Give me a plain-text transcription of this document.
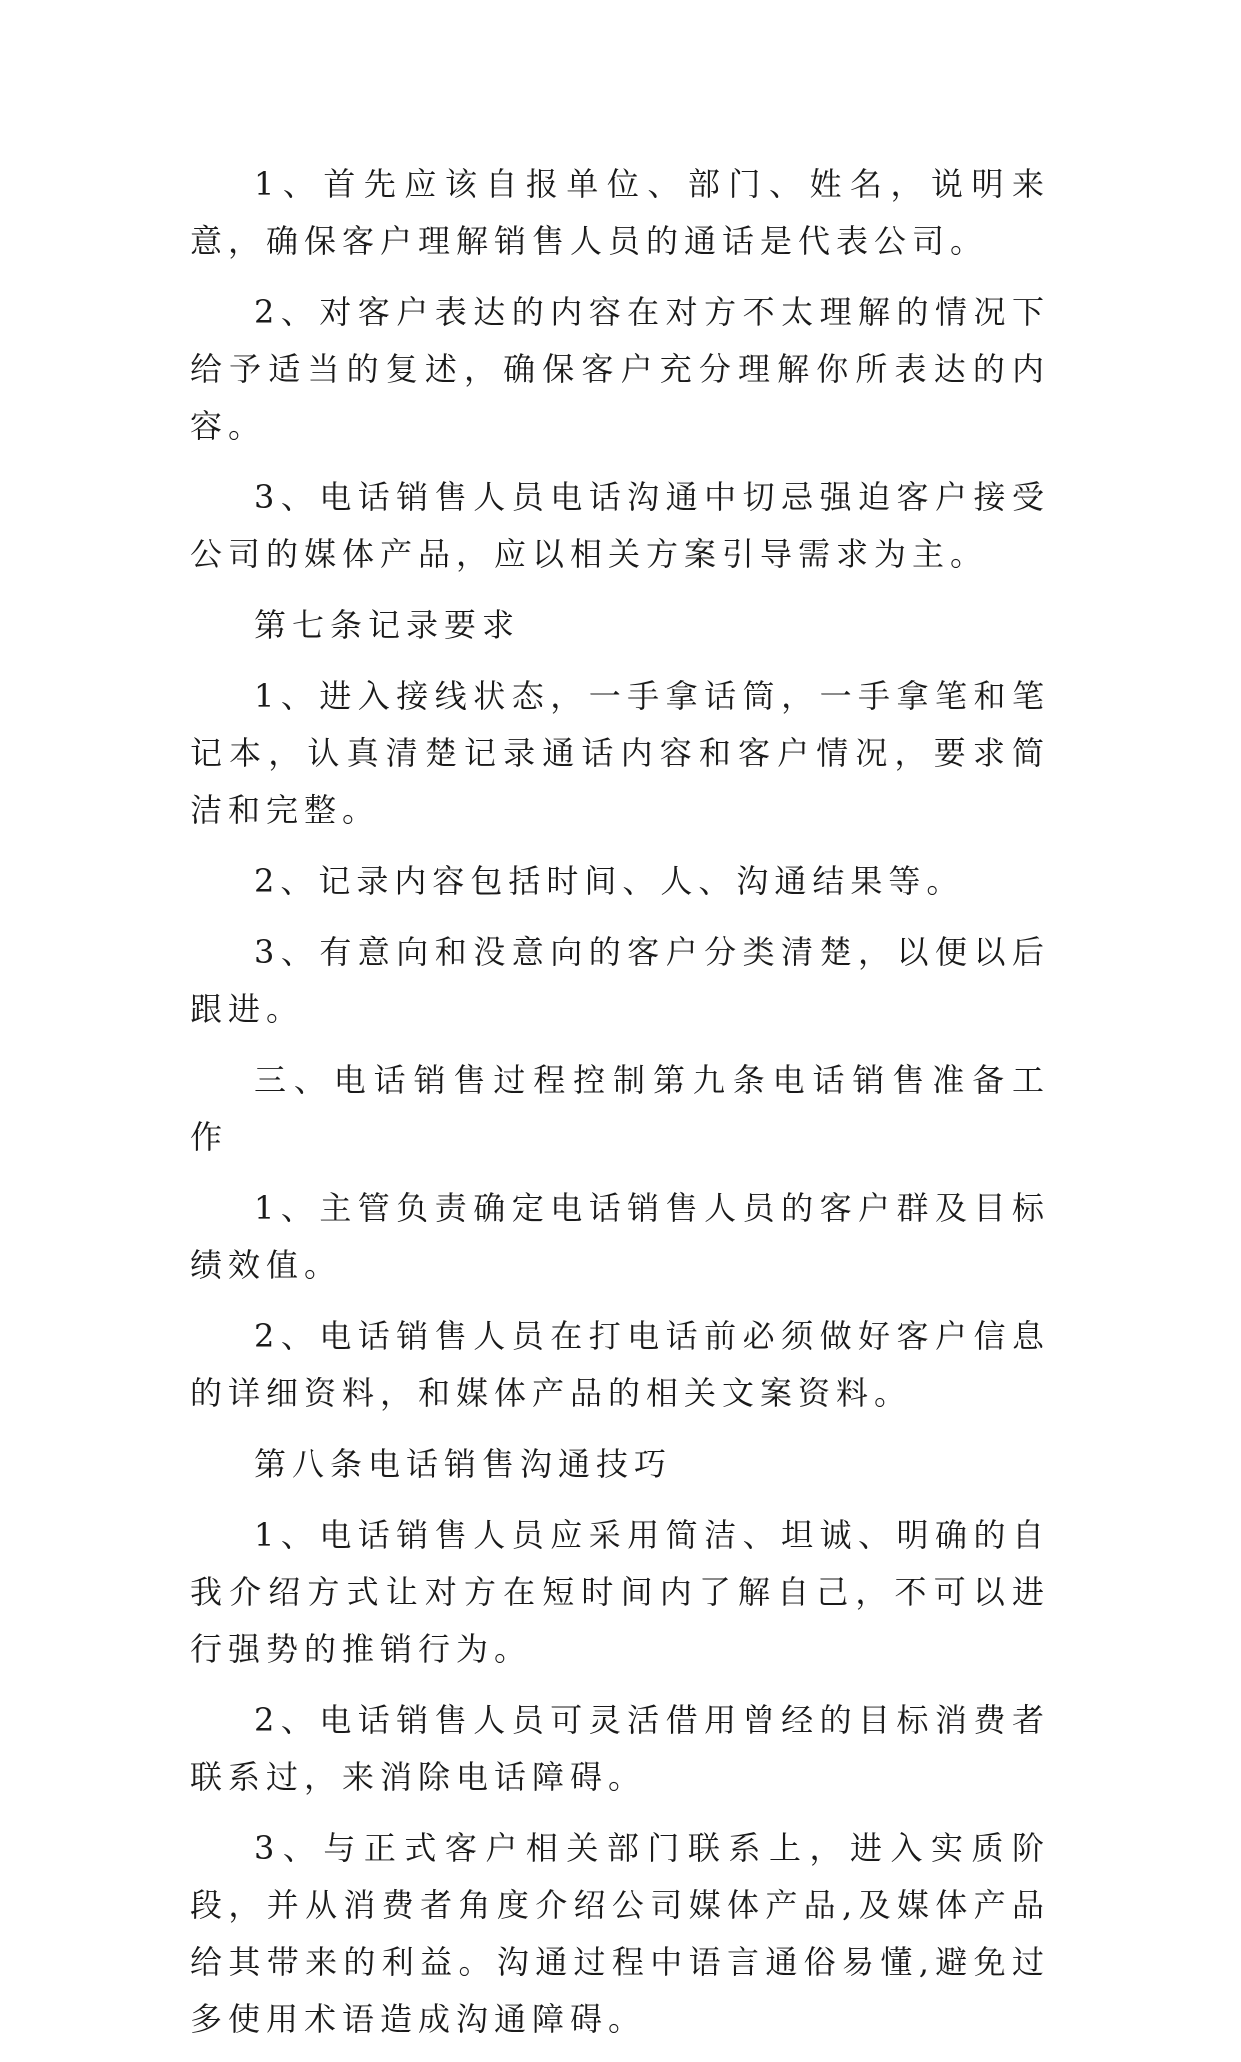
1、首先应该自报单位、部门、姓名，说明来意，确保客户理解销售人员的通话是代表公司。

2、对客户表达的内容在对方不太理解的情况下给予适当的复述，确保客户充分理解你所表达的内容。

3、电话销售人员电话沟通中切忌强迫客户接受公司的媒体产品，应以相关方案引导需求为主。

第七条记录要求

1、进入接线状态，一手拿话筒，一手拿笔和笔记本，认真清楚记录通话内容和客户情况，要求简洁和完整。

2、记录内容包括时间、人、沟通结果等。

3、有意向和没意向的客户分类清楚，以便以后跟进。

三、电话销售过程控制第九条电话销售准备工作

1、主管负责确定电话销售人员的客户群及目标绩效值。

2、电话销售人员在打电话前必须做好客户信息的详细资料，和媒体产品的相关文案资料。

第八条电话销售沟通技巧

1、电话销售人员应采用简洁、坦诚、明确的自我介绍方式让对方在短时间内了解自己，不可以进行强势的推销行为。

2、电话销售人员可灵活借用曾经的目标消费者联系过，来消除电话障碍。

3、与正式客户相关部门联系上，进入实质阶段，并从消费者角度介绍公司媒体产品,及媒体产品给其带来的利益。沟通过程中语言通俗易懂,避免过多使用术语造成沟通障碍。
